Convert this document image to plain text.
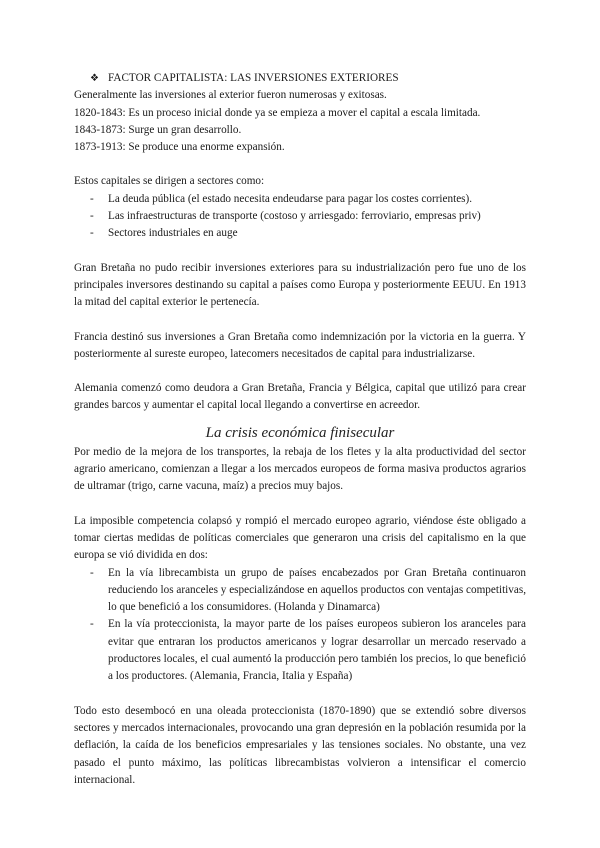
❖ FACTOR CAPITALISTA: LAS INVERSIONES EXTERIORES

Generalmente las inversiones al exterior fueron numerosas y exitosas.

1820-1843: Es un proceso inicial donde ya se empieza a mover el capital a escala limitada.

1843-1873: Surge un gran desarrollo.

1873-1913: Se produce una enorme expansión.

Estos capitales se dirigen a sectores como:

- La deuda pública (el estado necesita endeudarse para pagar los costes corrientes).
- Las infraestructuras de transporte (costoso y arriesgado: ferroviario, empresas priv)
- Sectores industriales en auge

Gran Bretaña no pudo recibir inversiones exteriores para su industrialización pero fue uno de los principales inversores destinando su capital a países como Europa y posteriormente EEUU. En 1913 la mitad del capital exterior le pertenecía.

Francia destinó sus inversiones a Gran Bretaña como indemnización por la victoria en la guerra. Y posteriormente al sureste europeo, latecomers necesitados de capital para industrializarse.

Alemania comenzó como deudora a Gran Bretaña, Francia y Bélgica, capital que utilizó para crear grandes barcos y aumentar el capital local llegando a convertirse en acreedor.

La crisis económica finisecular

Por medio de la mejora de los transportes, la rebaja de los fletes y la alta productividad del sector agrario americano, comienzan a llegar a los mercados europeos de forma masiva productos agrarios de ultramar (trigo, carne vacuna, maíz) a precios muy bajos.

La imposible competencia colapsó y rompió el mercado europeo agrario, viéndose éste obligado a tomar ciertas medidas de políticas comerciales que generaron una crisis del capitalismo en la que europa se vió dividida en dos:

- En la vía librecambista un grupo de países encabezados por Gran Bretaña continuaron reduciendo los aranceles y especializándose en aquellos productos con ventajas competitivas, lo que benefició a los consumidores. (Holanda y Dinamarca)
- En la vía proteccionista, la mayor parte de los países europeos subieron los aranceles para evitar que entraran los productos americanos y lograr desarrollar un mercado reservado a productores locales, el cual aumentó la producción pero también los precios, lo que benefició a los productores. (Alemania, Francia, Italia y España)

Todo esto desembocó en una oleada proteccionista (1870-1890) que se extendió sobre diversos sectores y mercados internacionales, provocando una gran depresión en la población resumida por la deflación, la caída de los beneficios empresariales y las tensiones sociales. No obstante, una vez pasado el punto máximo, las políticas librecambistas volvieron a intensificar el comercio internacional.
